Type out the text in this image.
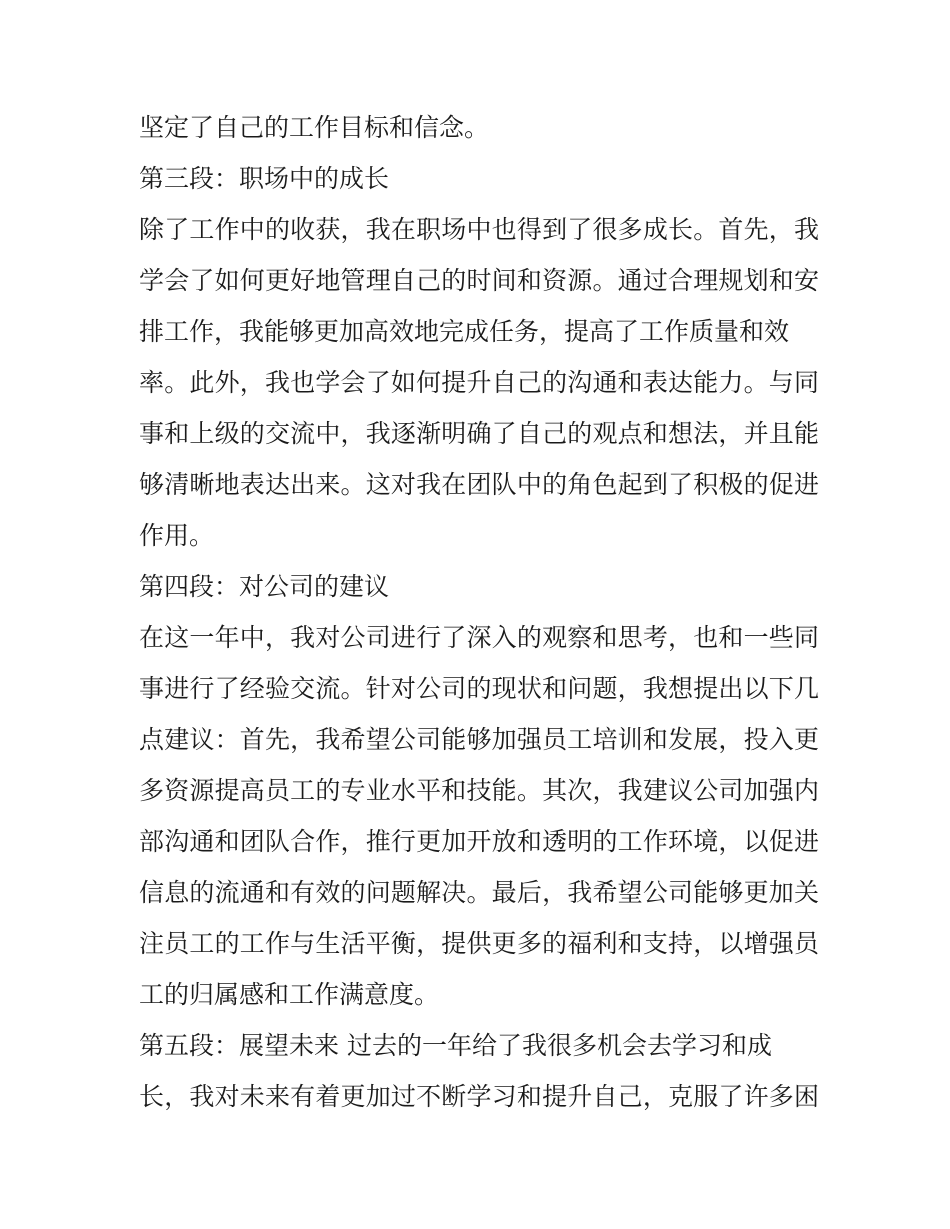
坚定了自己的工作目标和信念。
第三段：职场中的成长
除了工作中的收获，我在职场中也得到了很多成长。首先，我
学会了如何更好地管理自己的时间和资源。通过合理规划和安
排工作，我能够更加高效地完成任务，提高了工作质量和效
率。此外，我也学会了如何提升自己的沟通和表达能力。与同
事和上级的交流中，我逐渐明确了自己的观点和想法，并且能
够清晰地表达出来。这对我在团队中的角色起到了积极的促进
作用。
第四段：对公司的建议
在这一年中，我对公司进行了深入的观察和思考，也和一些同
事进行了经验交流。针对公司的现状和问题，我想提出以下几
点建议：首先，我希望公司能够加强员工培训和发展，投入更
多资源提高员工的专业水平和技能。其次，我建议公司加强内
部沟通和团队合作，推行更加开放和透明的工作环境，以促进
信息的流通和有效的问题解决。最后，我希望公司能够更加关
注员工的工作与生活平衡，提供更多的福利和支持，以增强员
工的归属感和工作满意度。
第五段：展望未来 过去的一年给了我很多机会去学习和成
长，我对未来有着更加过不断学习和提升自己，克服了许多困
